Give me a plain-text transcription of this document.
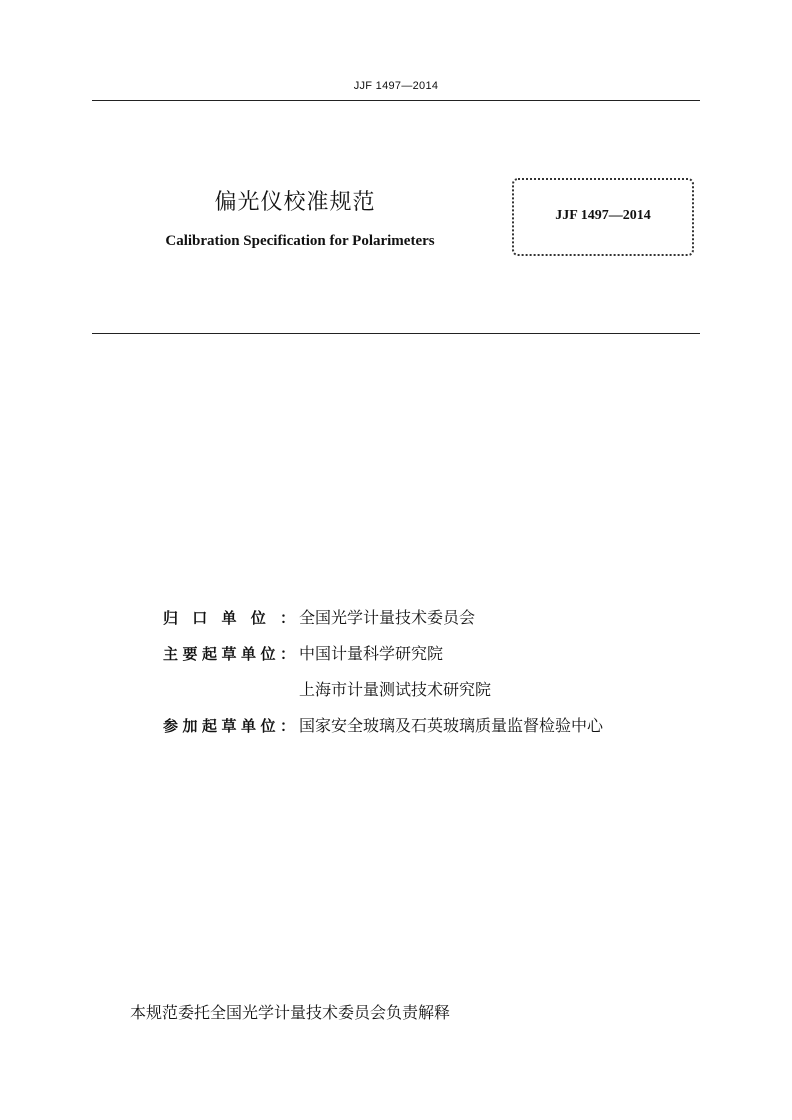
JJF 1497—2014
偏光仪校准规范
Calibration Specification for Polarimeters
JJF 1497—2014
归口单位： 全国光学计量技术委员会
主要起草单位： 中国计量科学研究院
上海市计量测试技术研究院
参加起草单位： 国家安全玻璃及石英玻璃质量监督检验中心
本规范委托全国光学计量技术委员会负责解释
